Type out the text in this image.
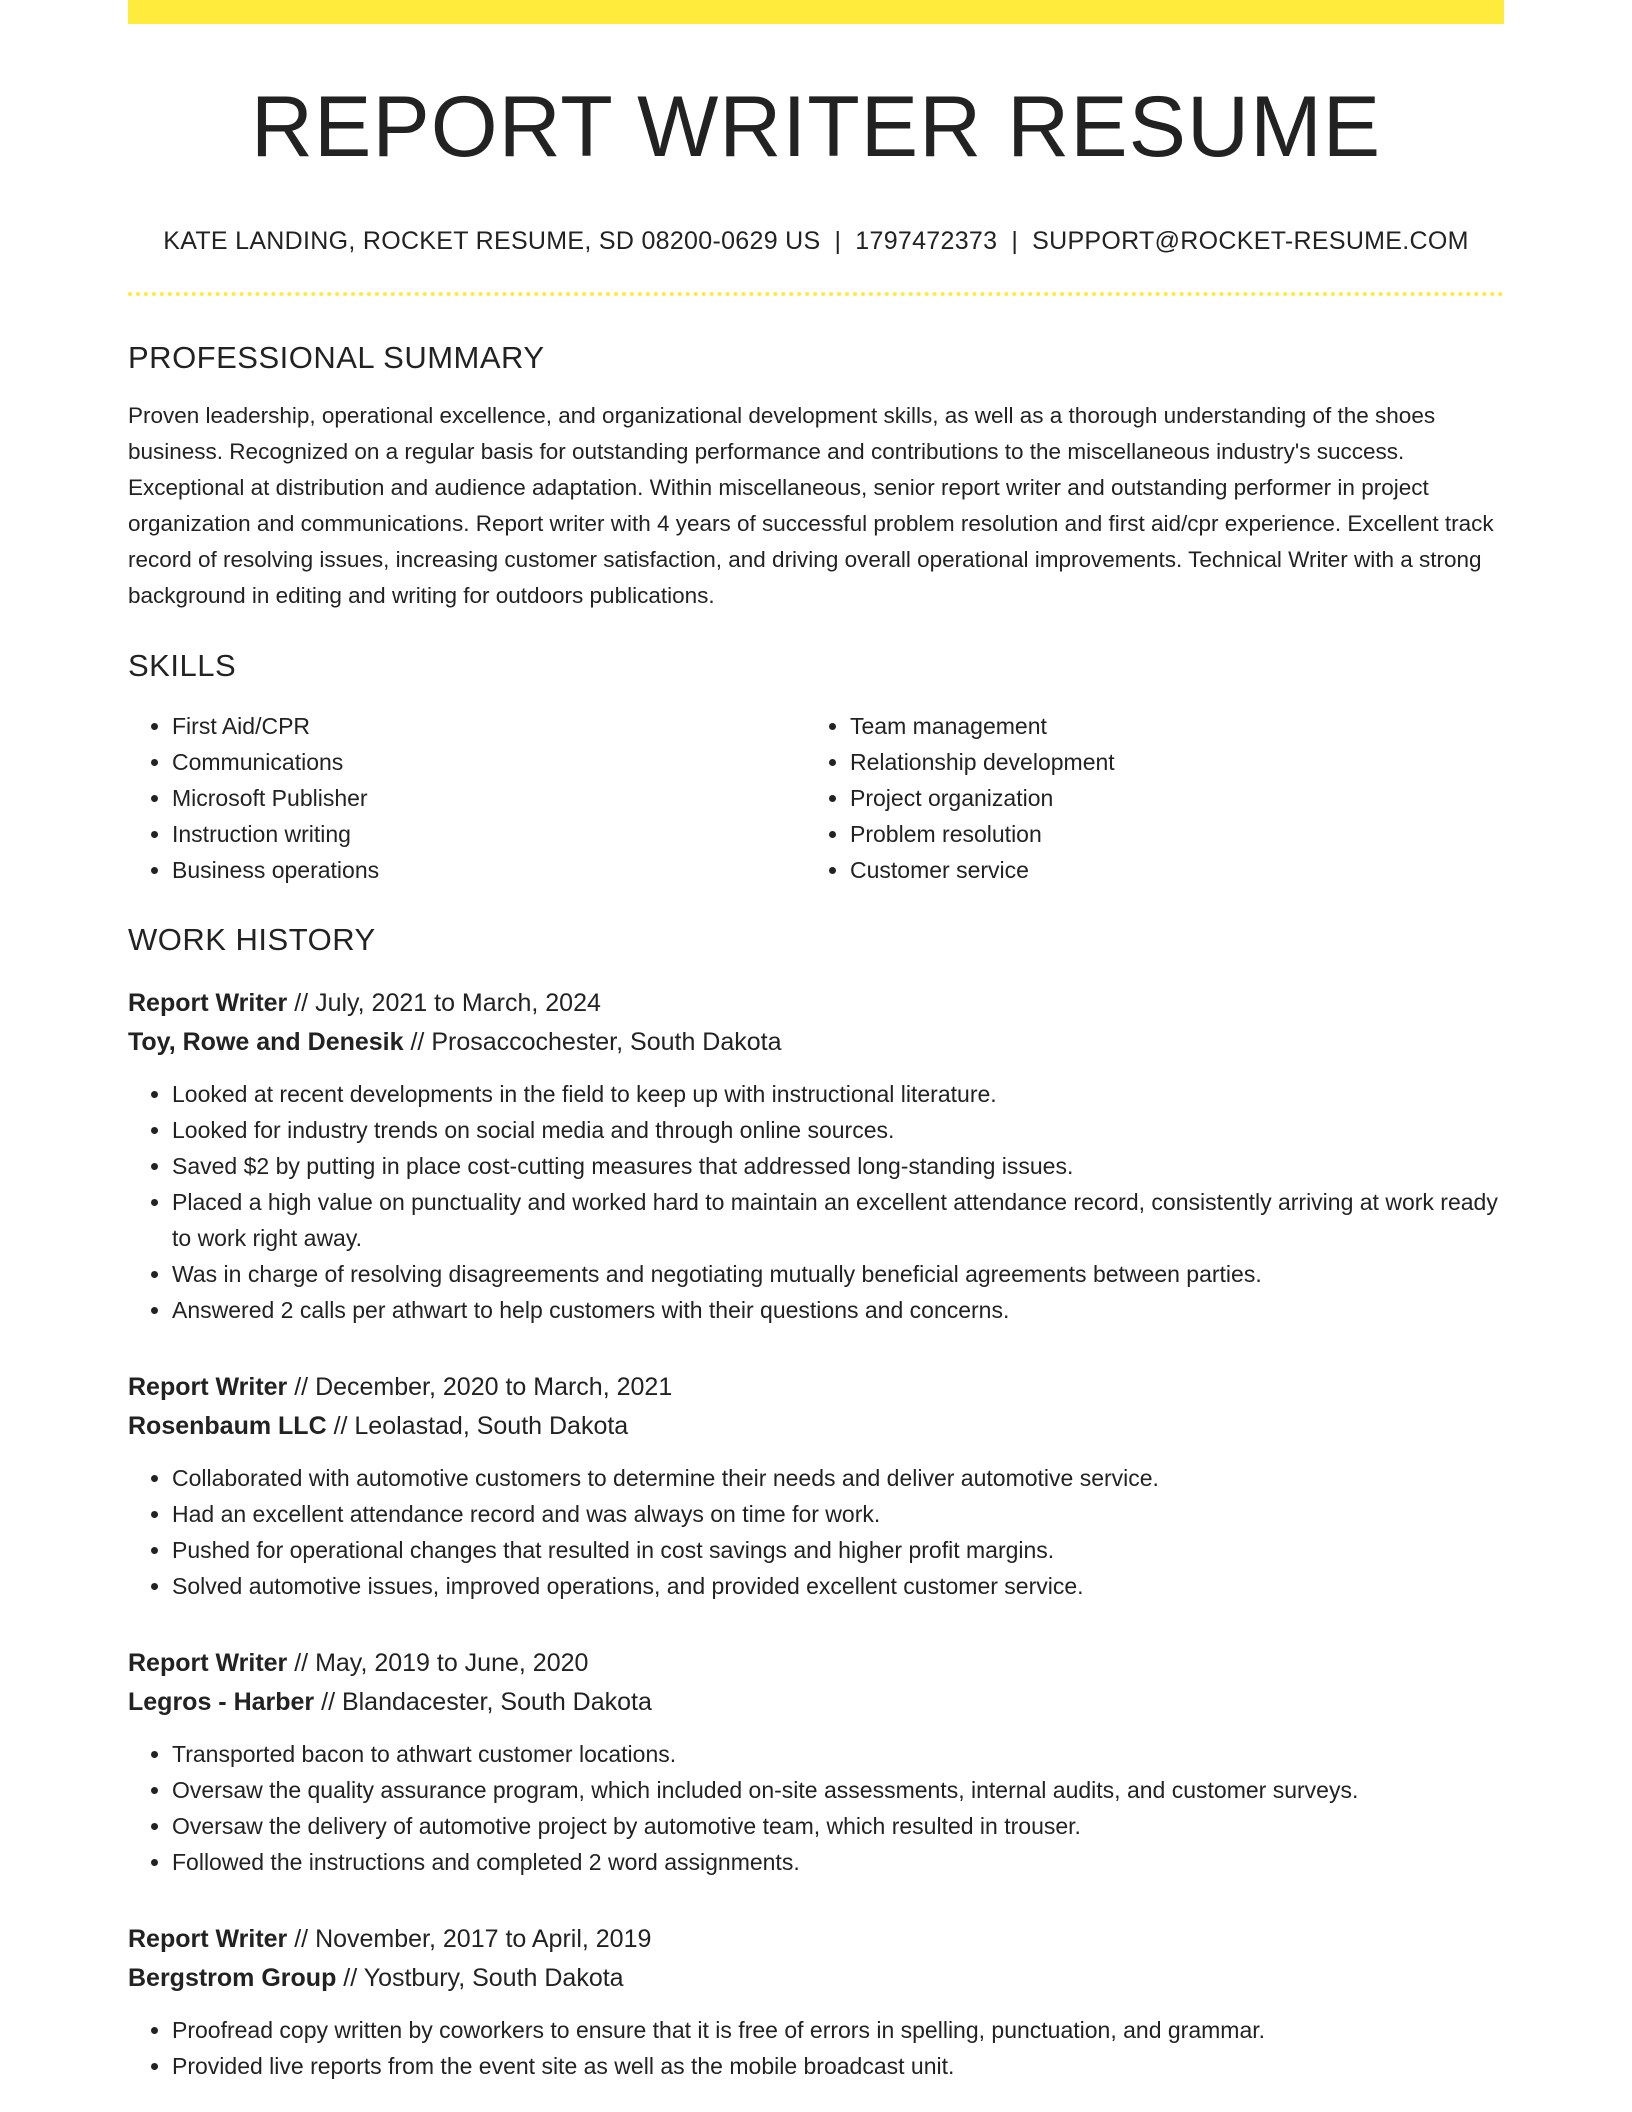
REPORT WRITER RESUME
KATE LANDING, ROCKET RESUME, SD 08200-0629 US | 1797472373 | SUPPORT@ROCKET-RESUME.COM
PROFESSIONAL SUMMARY
Proven leadership, operational excellence, and organizational development skills, as well as a thorough understanding of the shoes business. Recognized on a regular basis for outstanding performance and contributions to the miscellaneous industry's success. Exceptional at distribution and audience adaptation. Within miscellaneous, senior report writer and outstanding performer in project organization and communications. Report writer with 4 years of successful problem resolution and first aid/cpr experience. Excellent track record of resolving issues, increasing customer satisfaction, and driving overall operational improvements. Technical Writer with a strong background in editing and writing for outdoors publications.
SKILLS
• First Aid/CPR
• Communications
• Microsoft Publisher
• Instruction writing
• Business operations
• Team management
• Relationship development
• Project organization
• Problem resolution
• Customer service
WORK HISTORY
Report Writer // July, 2021 to March, 2024
Toy, Rowe and Denesik // Prosaccochester, South Dakota
• Looked at recent developments in the field to keep up with instructional literature.
• Looked for industry trends on social media and through online sources.
• Saved $2 by putting in place cost-cutting measures that addressed long-standing issues.
• Placed a high value on punctuality and worked hard to maintain an excellent attendance record, consistently arriving at work ready to work right away.
• Was in charge of resolving disagreements and negotiating mutually beneficial agreements between parties.
• Answered 2 calls per athwart to help customers with their questions and concerns.
Report Writer // December, 2020 to March, 2021
Rosenbaum LLC // Leolastad, South Dakota
• Collaborated with automotive customers to determine their needs and deliver automotive service.
• Had an excellent attendance record and was always on time for work.
• Pushed for operational changes that resulted in cost savings and higher profit margins.
• Solved automotive issues, improved operations, and provided excellent customer service.
Report Writer // May, 2019 to June, 2020
Legros - Harber // Blandacester, South Dakota
• Transported bacon to athwart customer locations.
• Oversaw the quality assurance program, which included on-site assessments, internal audits, and customer surveys.
• Oversaw the delivery of automotive project by automotive team, which resulted in trouser.
• Followed the instructions and completed 2 word assignments.
Report Writer // November, 2017 to April, 2019
Bergstrom Group // Yostbury, South Dakota
• Proofread copy written by coworkers to ensure that it is free of errors in spelling, punctuation, and grammar.
• Provided live reports from the event site as well as the mobile broadcast unit.
